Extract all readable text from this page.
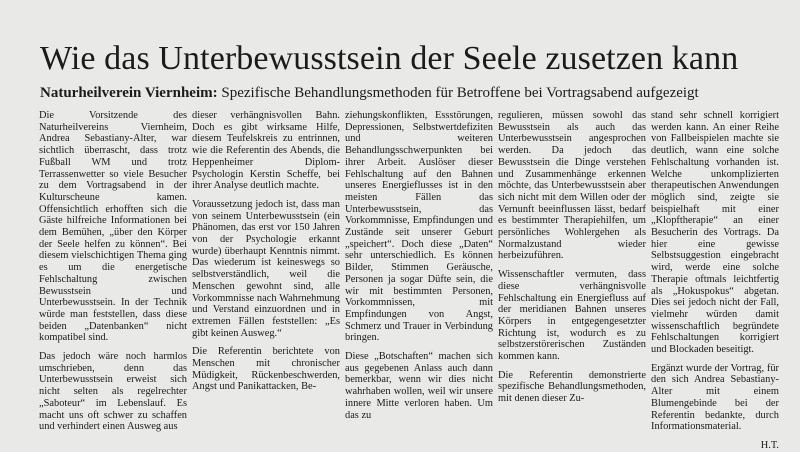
Wie das Unterbewusstsein der Seele zusetzen kann
Naturheilverein Viernheim: Spezifische Behandlungsmethoden für Betroffene bei Vortragsabend aufgezeigt

Die Vorsitzende des Naturheilvereins Viernheim, Andrea Sebastiany-Alter, war sichtlich überrascht, dass trotz Fußball WM und trotz Terrassenwetter so viele Besucher zu dem Vortragsabend in der Kulturscheune kamen. Offensichtlich erhofften sich die Gäste hilfreiche Informationen bei dem Bemühen, „über den Körper der Seele helfen zu können“. Bei diesem vielschichtigen Thema ging es um die energetische Fehlschaltung zwischen Bewusstsein und Unterbewusstsein. In der Technik würde man feststellen, dass diese beiden „Datenbanken“ nicht kompatibel sind.

Das jedoch wäre noch harmlos umschrieben, denn das Unterbewusstsein erweist sich nicht selten als regelrechter „Saboteur“ im Lebenslauf. Es macht uns oft schwer zu schaffen und verhindert einen Ausweg aus

dieser verhängnisvollen Bahn. Doch es gibt wirksame Hilfe, diesem Teufelskreis zu entrinnen, wie die Referentin des Abends, die Heppenheimer Diplom-Psychologin Kerstin Scheffe, bei ihrer Analyse deutlich machte.

Voraussetzung jedoch ist, dass man von seinem Unterbewusstsein (ein Phänomen, das erst vor 150 Jahren von der Psychologie erkannt wurde) überhaupt Kenntnis nimmt. Das wiederum ist keineswegs so selbstverständlich, weil die Menschen gewohnt sind, alle Vorkommnisse nach Wahrnehmung und Verstand einzuordnen und in extremen Fällen feststellen: „Es gibt keinen Ausweg.“

Die Referentin berichtete von Menschen mit chronischer Müdigkeit, Rückenbeschwerden, Angst und Panikattacken, Be-

ziehungskonflikten, Essstörungen, Depressionen, Selbstwertdefiziten und weiteren Behandlungsschwerpunkten bei ihrer Arbeit. Auslöser dieser Fehlschaltung auf den Bahnen unseres Energieflusses ist in den meisten Fällen das Unterbewusstsein, das Vorkommnisse, Empfindungen und Zustände seit unserer Geburt „speichert“. Doch diese „Daten“ sehr unterschiedlich. Es können Bilder, Stimmen Geräusche, Personen ja sogar Düfte sein, die wir mit bestimmten Personen, Vorkommnissen, mit Empfindungen von Angst, Schmerz und Trauer in Verbindung bringen.

Diese „Botschaften“ machen sich aus gegebenen Anlass auch dann bemerkbar, wenn wir dies nicht wahrhaben wollen, weil wir unsere innere Mitte verloren haben. Um das zu

regulieren, müssen sowohl das Bewusstsein als auch das Unterbewusstsein angesprochen werden. Da jedoch das Bewusstsein die Dinge verstehen und Zusammenhänge erkennen möchte, das Unterbewusstsein aber sich nicht mit dem Willen oder der Vernunft beeinflussen lässt, bedarf es bestimmter Therapiehilfen, um persönliches Wohlergehen als Normalzustand wieder herbeizuführen.

Wissenschaftler vermuten, dass diese verhängnisvolle Fehlschaltung ein Energiefluss auf der meridianen Bahnen unseres Körpers in entgegengesetzter Richtung ist, wodurch es zu selbstzerstörerischen Zuständen kommen kann.

Die Referentin demonstrierte spezifische Behandlungsmethoden, mit denen dieser Zu-

stand sehr schnell korrigiert werden kann. An einer Reihe von Fallbeispielen machte sie deutlich, wann eine solche Fehlschaltung vorhanden ist. Welche unkomplizierten therapeutischen Anwendungen möglich sind, zeigte sie beispielhaft mit einer „Klopftherapie“ an einer Besucherin des Vortrags. Da hier eine gewisse Selbstsuggestion eingebracht wird, werde eine solche Therapie oftmals leichtfertig als „Hokuspokus“ abgetan. Dies sei jedoch nicht der Fall, vielmehr würden damit wissenschaftlich begründete Fehlschaltungen korrigiert und Blockaden beseitigt.

Ergänzt wurde der Vortrag, für den sich Andrea Sebastiany-Alter mit einem Blumengebinde bei der Referentin bedankte, durch Informationsmaterial.

H.T.
